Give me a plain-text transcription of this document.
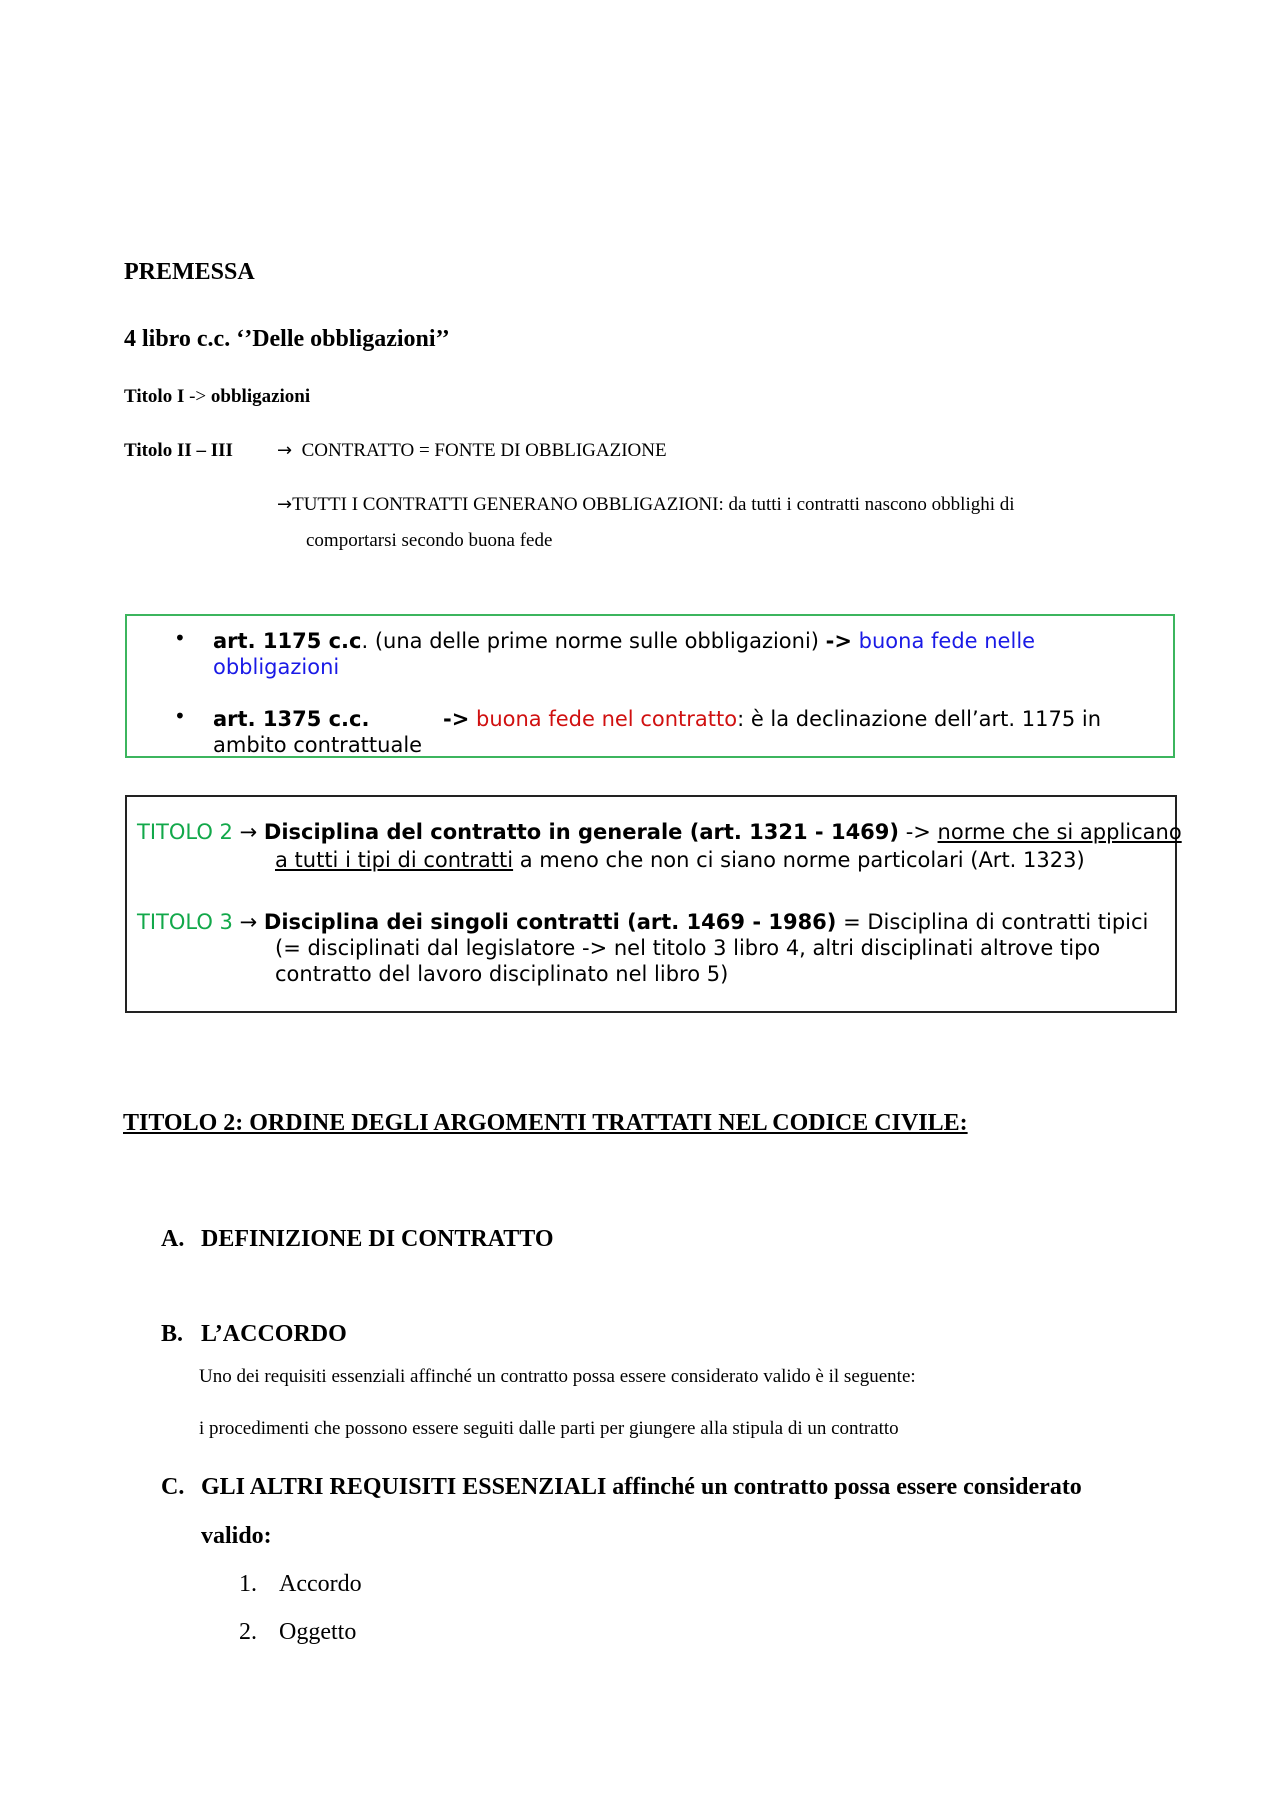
PREMESSA
4 libro c.c. ‘’Delle obbligazioni’’
Titolo I -> obbligazioni
Titolo II – III → CONTRATTO = FONTE DI OBBLIGAZIONE
→TUTTI I CONTRATTI GENERANO OBBLIGAZIONI: da tutti i contratti nascono obblighi di
comportarsi secondo buona fede
• art. 1175 c.c. (una delle prime norme sulle obbligazioni) -> buona fede nelle
obbligazioni
• art. 1375 c.c.	-> buona fede nel contratto: è la declinazione dell’art. 1175 in
ambito contrattuale
TITOLO 2 → Disciplina del contratto in generale (art. 1321 - 1469) -> norme che si applicano
a tutti i tipi di contratti a meno che non ci siano norme particolari (Art. 1323)
TITOLO 3 → Disciplina dei singoli contratti (art. 1469 - 1986) = Disciplina di contratti tipici
(= disciplinati dal legislatore -> nel titolo 3 libro 4, altri disciplinati altrove tipo
contratto del lavoro disciplinato nel libro 5)
TITOLO 2: ORDINE DEGLI ARGOMENTI TRATTATI NEL CODICE CIVILE:
A. DEFINIZIONE DI CONTRATTO
B. L’ACCORDO
Uno dei requisiti essenziali affinché un contratto possa essere considerato valido è il seguente:
i procedimenti che possono essere seguiti dalle parti per giungere alla stipula di un contratto
C. GLI ALTRI REQUISITI ESSENZIALI affinché un contratto possa essere considerato
valido:
1. Accordo
2. Oggetto
